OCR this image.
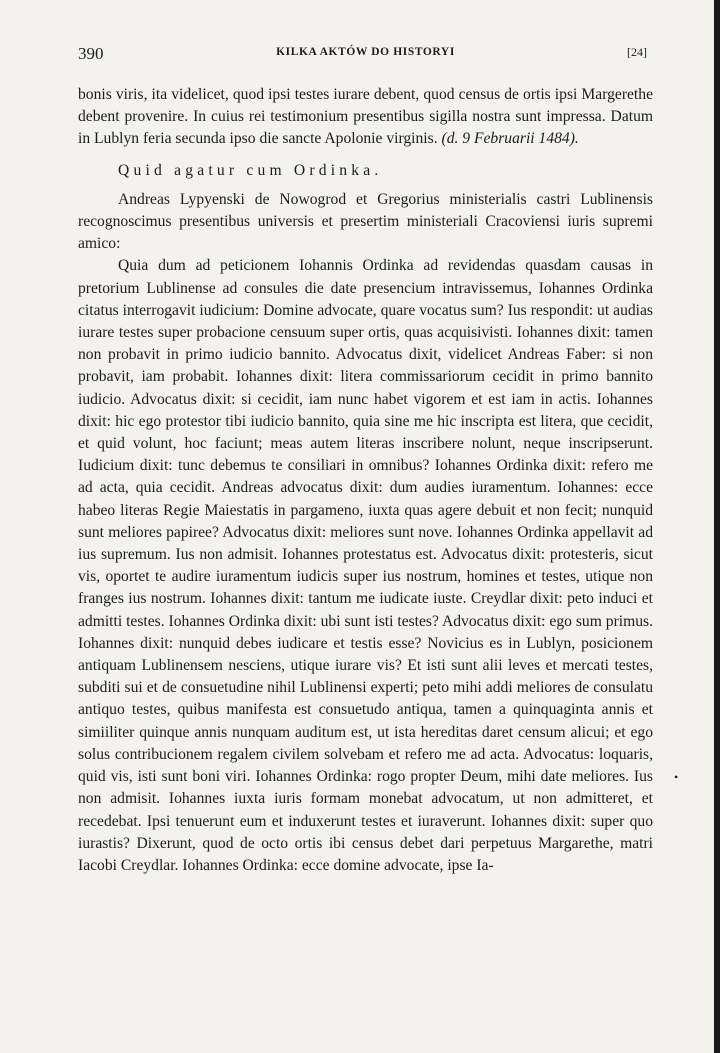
•
390	KILKA AKTÓW DO HISTORYI	[24]

bonis viris, ita videlicet, quod ipsi testes iurare debent, quod census de ortis ipsi Margerethe debent provenire. In cuius rei testimonium presentibus sigilla nostra sunt impressa. Datum in Lublyn feria secunda ipso die sancte Apolonie virginis. (d. 9 Februarii 1484).

Quid agatur cum Ordinka.

Andreas Lypyenski de Nowogrod et Gregorius ministerialis castri Lublinensis recognoscimus presentibus universis et presertim ministeriali Cracoviensi iuris supremi amico:

Quia dum ad peticionem Iohannis Ordinka ad revidendas quasdam causas in pretorium Lublinense ad consules die date presencium intravissemus, Iohannes Ordinka citatus interrogavit iudicium: Domine advocate, quare vocatus sum? Ius respondit: ut audias iurare testes super probacione censuum super ortis, quas acquisivisti. Iohannes dixit: tamen non probavit in primo iudicio bannito. Advocatus dixit, videlicet Andreas Faber: si non probavit, iam probabit. Iohannes dixit: litera commissariorum cecidit in primo bannito iudicio. Advocatus dixit: si cecidit, iam nunc habet vigorem et est iam in actis. Iohannes dixit: hic ego protestor tibi iudicio bannito, quia sine me hic inscripta est litera, que cecidit, et quid volunt, hoc faciunt; meas autem literas inscribere nolunt, neque inscripserunt. Iudicium dixit: tunc debemus te consiliari in omnibus? Iohannes Ordinka dixit: refero me ad acta, quia cecidit. Andreas advocatus dixit: dum audies iuramentum. Iohannes: ecce habeo literas Regie Maiestatis in pargameno, iuxta quas agere debuit et non fecit; nunquid sunt meliores papiree? Advocatus dixit: meliores sunt nove. Iohannes Ordinka appellavit ad ius supremum. Ius non admisit. Iohannes protestatus est. Advocatus dixit: protesteris, sicut vis, oportet te audire iuramentum iudicis super ius nostrum, homines et testes, utique non franges ius nostrum. Iohannes dixit: tantum me iudicate iuste. Creydlar dixit: peto induci et admitti testes. Iohannes Ordinka dixit: ubi sunt isti testes? Advocatus dixit: ego sum primus. Iohannes dixit: nunquid debes iudicare et testis esse? Novicius es in Lublyn, posicionem antiquam Lublinensem nesciens, utique iurare vis? Et isti sunt alii leves et mercati testes, subditi sui et de consuetudine nihil Lublinensi experti; peto mihi addi meliores de consulatu antiquo testes, quibus manifesta est consuetudo antiqua, tamen a quinquaginta annis et simiiliter quinque annis nunquam auditum est, ut ista hereditas daret censum alicui; et ego solus contribucionem regalem civilem solvebam et refero me ad acta. Advocatus: loquaris, quid vis, isti sunt boni viri. Iohannes Ordinka: rogo propter Deum, mihi date meliores. Ius non admisit. Iohannes iuxta iuris formam monebat advocatum, ut non admitteret, et recedebat. Ipsi tenuerunt eum et induxerunt testes et iuraverunt. Iohannes dixit: super quo iurastis? Dixerunt, quod de octo ortis ibi census debet dari perpetuus Margarethe, matri Iacobi Creydlar. Iohannes Ordinka: ecce domine advocate, ipse Ia-
